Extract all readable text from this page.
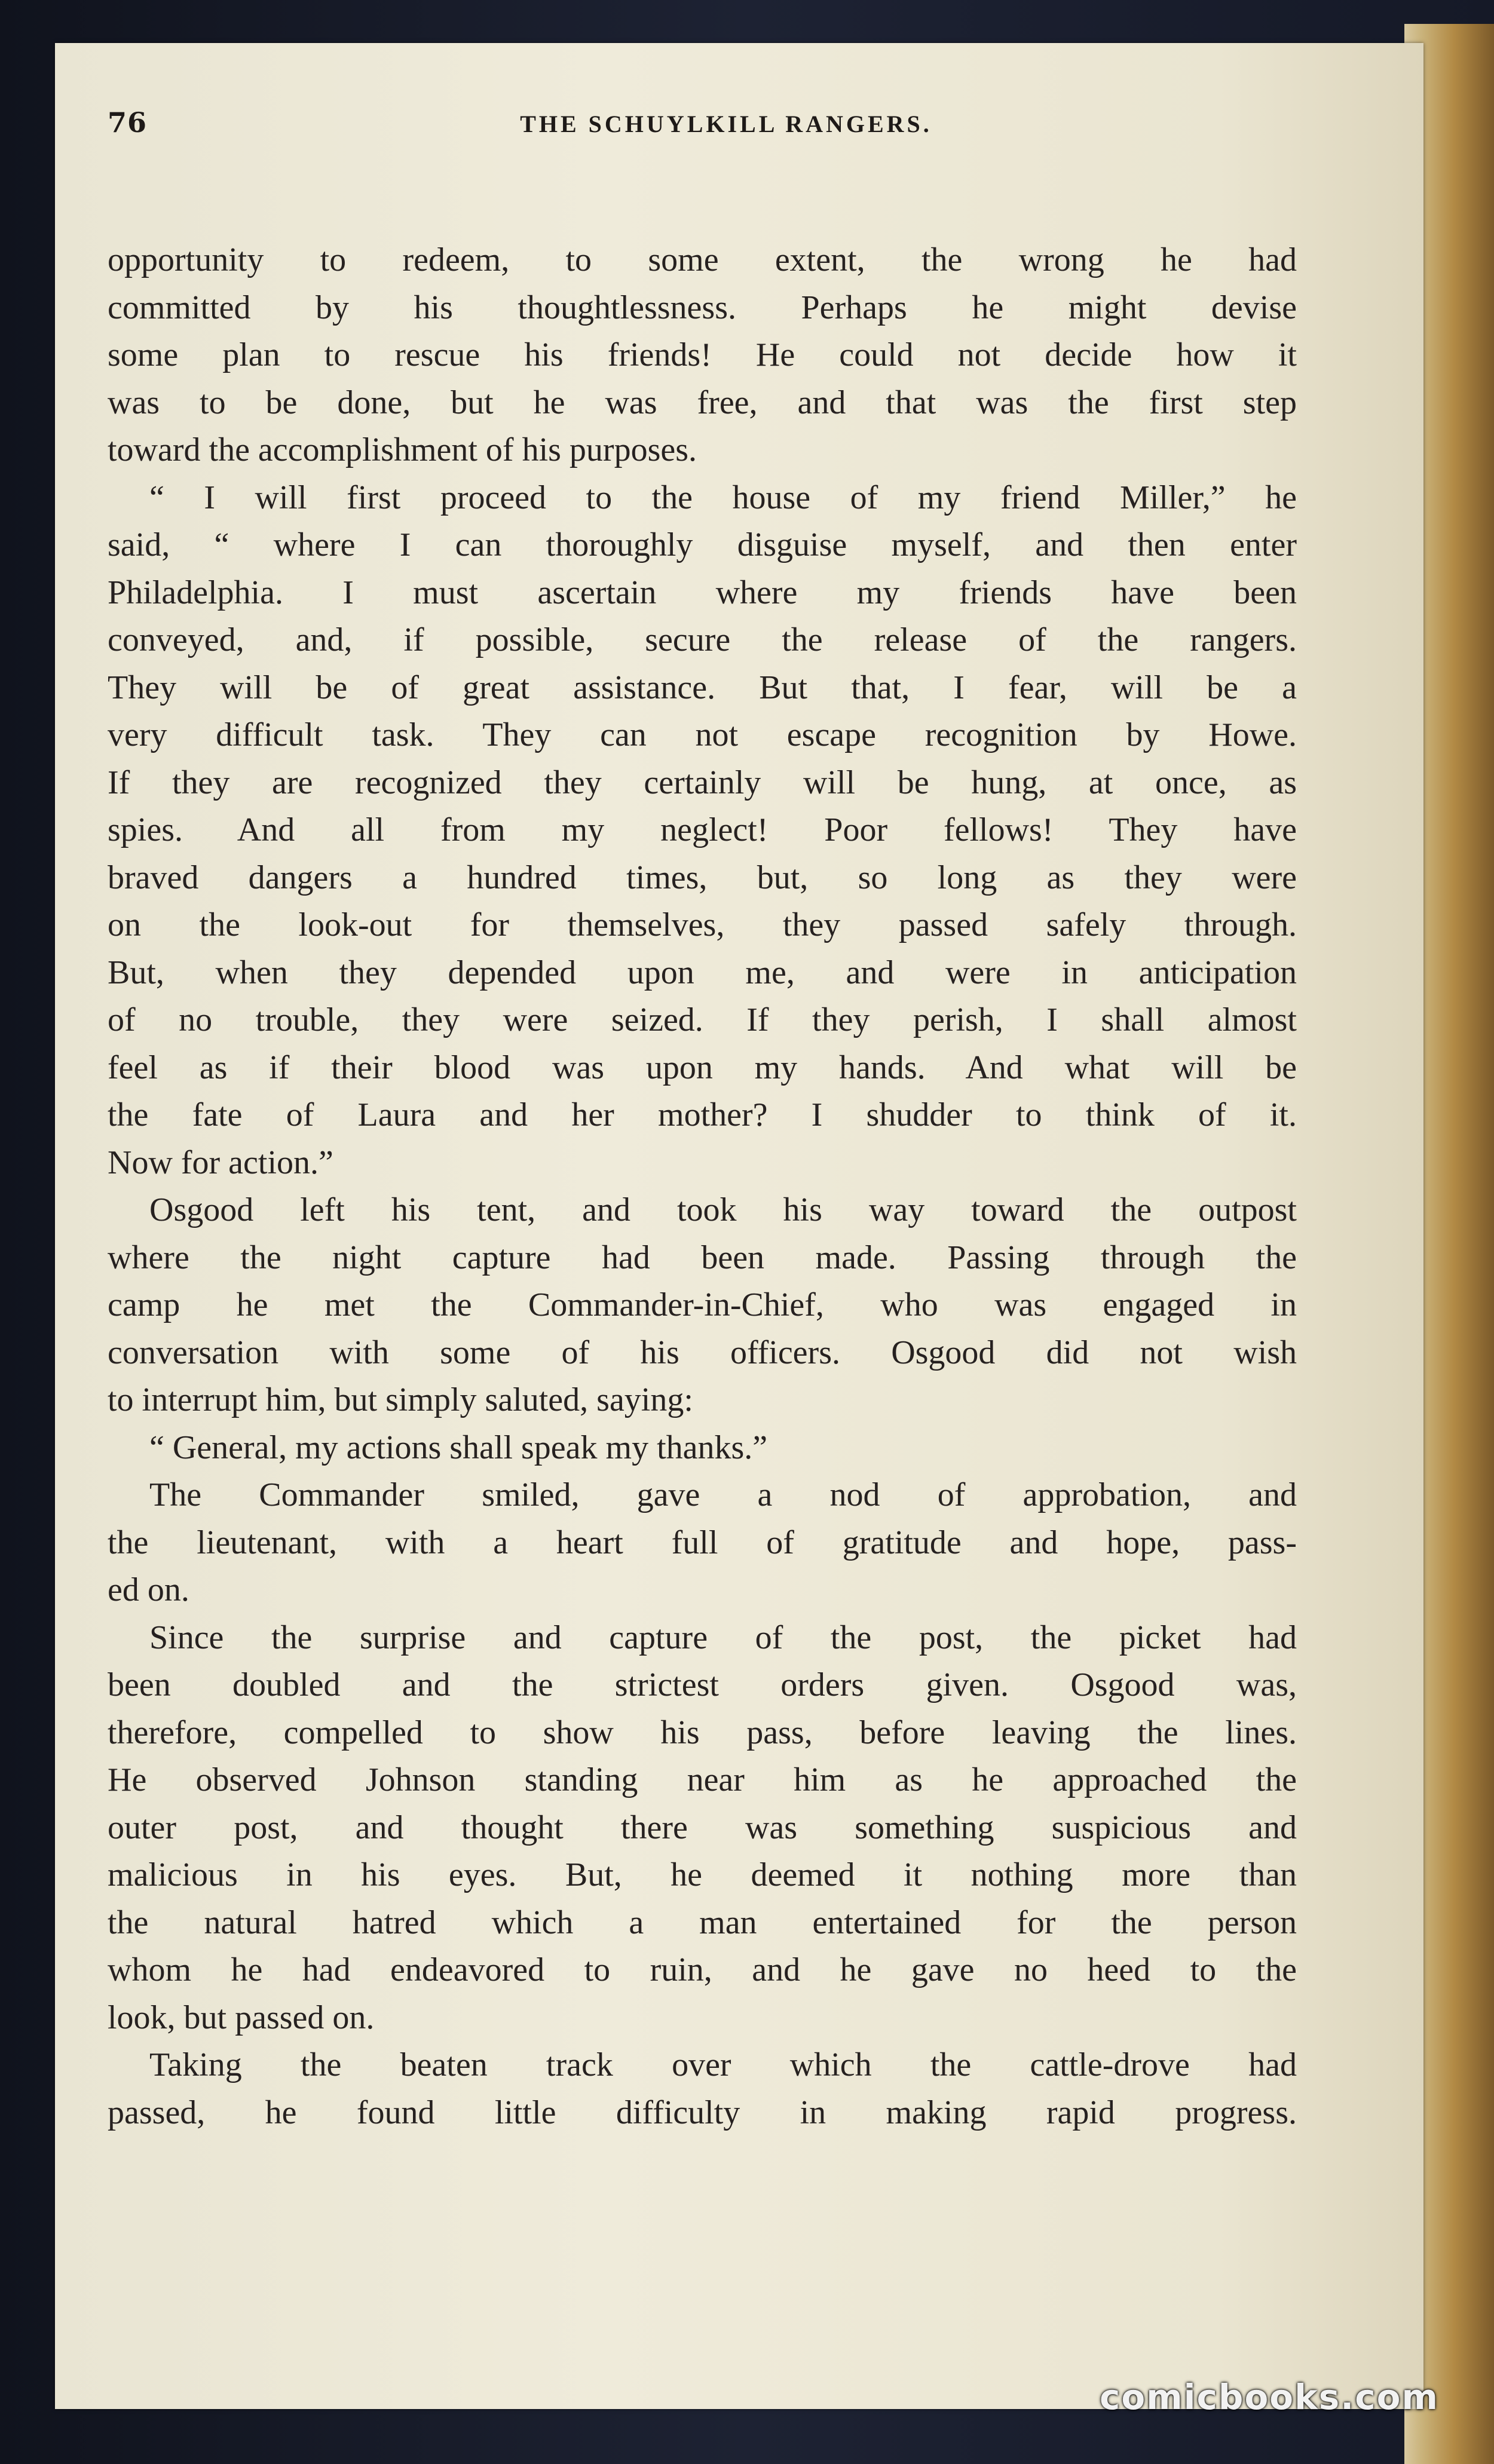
76	THE SCHUYLKILL RANGERS.
opportunity to redeem, to some extent, the wrong he had
committed by his thoughtlessness. Perhaps he might devise
some plan to rescue his friends! He could not decide how it
was to be done, but he was free, and that was the first step
toward the accomplishment of his purposes.
“ I will first proceed to the house of my friend Miller,” he
said, “ where I can thoroughly disguise myself, and then enter
Philadelphia. I must ascertain where my friends have been
conveyed, and, if possible, secure the release of the rangers.
They will be of great assistance. But that, I fear, will be a
very difficult task. They can not escape recognition by Howe.
If they are recognized they certainly will be hung, at once, as
spies. And all from my neglect! Poor fellows! They have
braved dangers a hundred times, but, so long as they were
on the look-out for themselves, they passed safely through.
But, when they depended upon me, and were in anticipation
of no trouble, they were seized. If they perish, I shall almost
feel as if their blood was upon my hands. And what will be
the fate of Laura and her mother? I shudder to think of it.
Now for action.”
Osgood left his tent, and took his way toward the outpost
where the night capture had been made. Passing through the
camp he met the Commander-in-Chief, who was engaged in
conversation with some of his officers. Osgood did not wish
to interrupt him, but simply saluted, saying:
“ General, my actions shall speak my thanks.”
The Commander smiled, gave a nod of approbation, and
the lieutenant, with a heart full of gratitude and hope, pass-
ed on.
Since the surprise and capture of the post, the picket had
been doubled and the strictest orders given. Osgood was,
therefore, compelled to show his pass, before leaving the lines.
He observed Johnson standing near him as he approached the
outer post, and thought there was something suspicious and
malicious in his eyes. But, he deemed it nothing more than
the natural hatred which a man entertained for the person
whom he had endeavored to ruin, and he gave no heed to the
look, but passed on.
Taking the beaten track over which the cattle-drove had
passed, he found little difficulty in making rapid progress.
comicbooks.com
